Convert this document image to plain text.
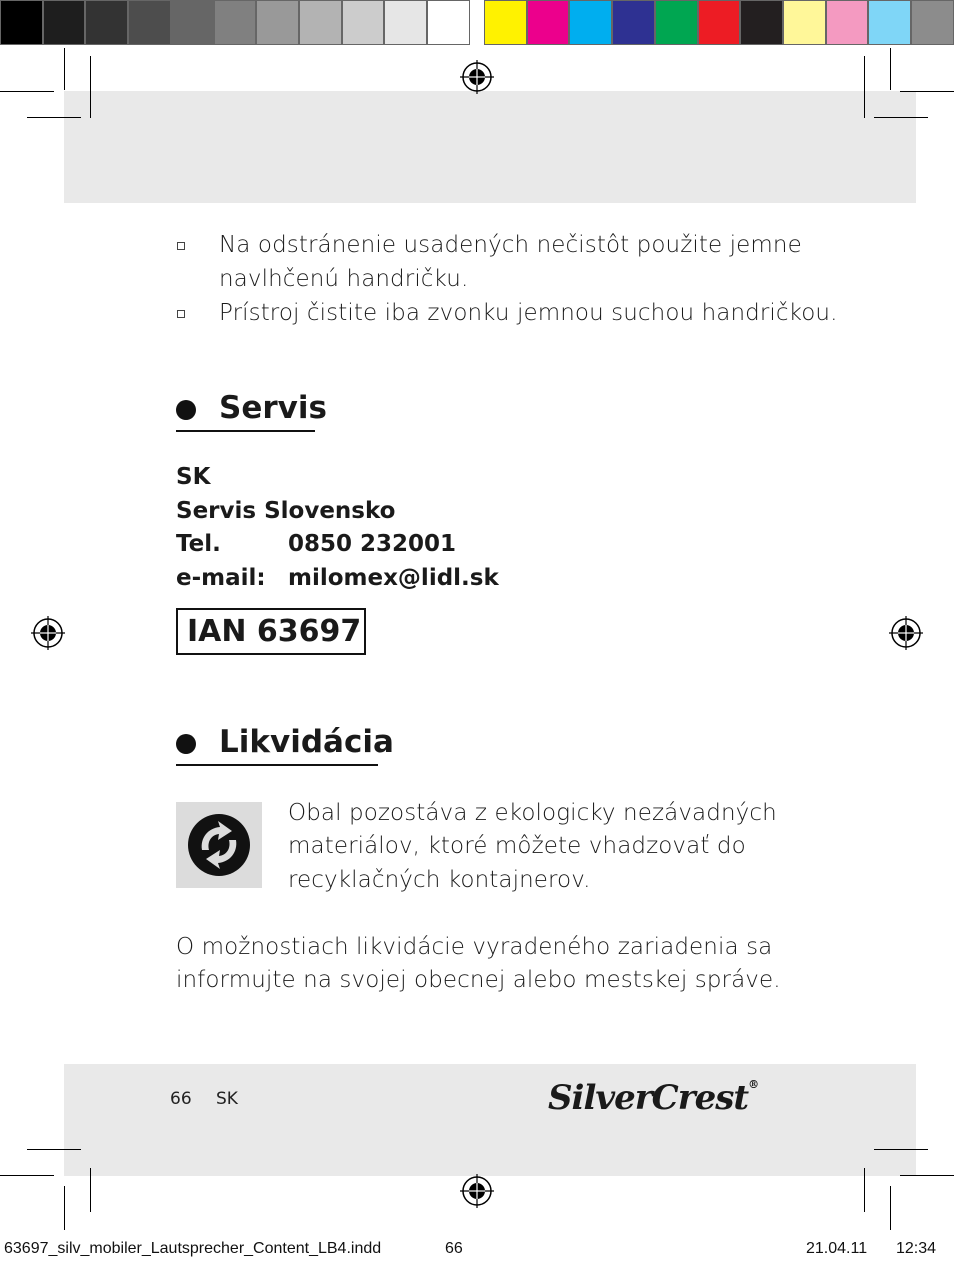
Na odstránenie usadených nečistôt použite jemne
navlhčenú handričku.
Prístroj čistite iba zvonku jemnou suchou handričkou.
Servis
SK
Servis Slovensko
Tel.	0850 232001
e-mail: milomex@lidl.sk
IAN 63697
Likvidácia
Obal pozostáva z ekologicky nezávadných
materiálov, ktoré môžete vhadzovať do
recyklačných kontajnerov.
O možnostiach likvidácie vyradeného zariadenia sa
informujte na svojej obecnej alebo mestskej správe.
66 SK	SilverCrest®
63697_silv_mobiler_Lautsprecher_Content_LB4.indd	66	21.04.11 12:34
